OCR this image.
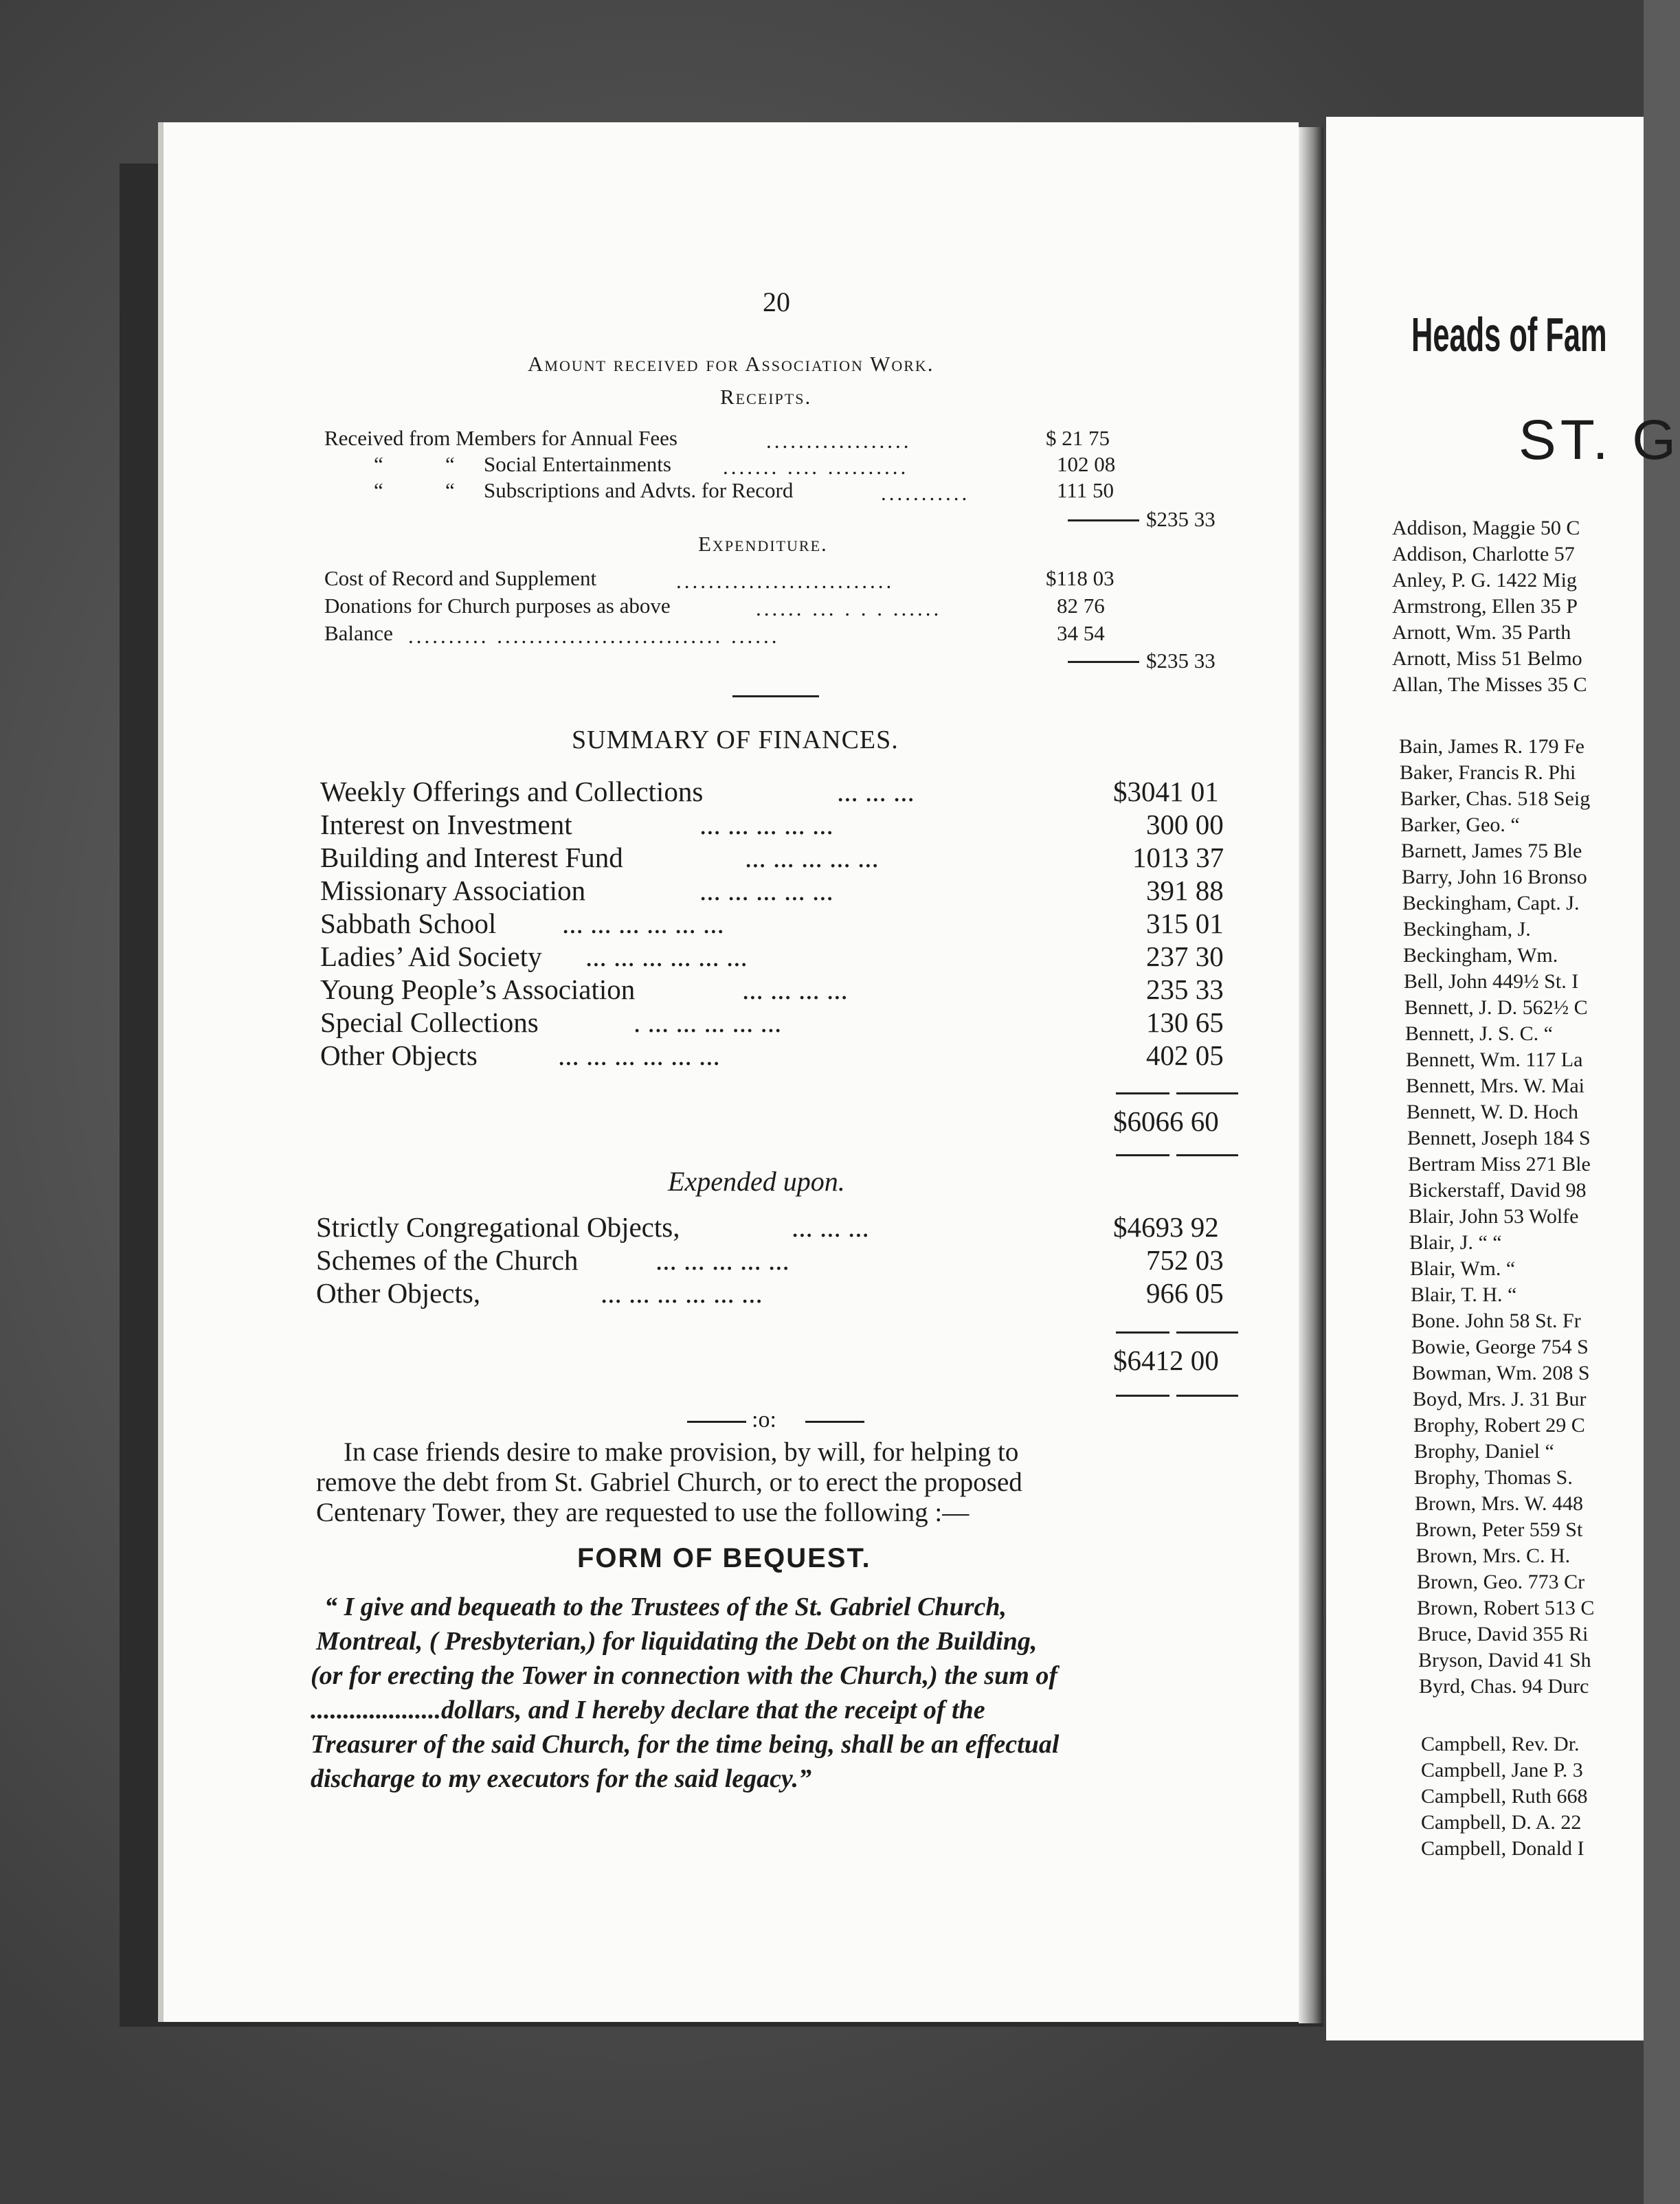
20
Amount received for Association Work.
Receipts.
Received from Members for Annual Fees	..................	$ 21 75
“	“ Social Entertainments ....... .... ..........	102 08
“	“ Subscriptions and Advts. for Record	...........	111 50
$235 33
Expenditure.
Cost of Record and Supplement	...........................	$118 03
Donations for Church purposes as above	...... ... . . . ......	82 76
Balance .......... ............................ ......	34 54
$235 33
SUMMARY OF FINANCES.
Weekly Offerings and Collections	... ... ...	$3041 01
Interest on Investment	... ... ... ... ...	300 00
Building and Interest Fund	... ... ... ... ...	1013 37
Missionary Association	... ... ... ... ...	391 88
Sabbath School ... ... ... ... ... ...	315 01
Ladies’ Aid Society ... ... ... ... ... ...	237 30
Young People’s Association	... ... ... ...	235 33
Special Collections	. ... ... ... ... ...	130 65
Other Objects	... ... ... ... ... ...	402 05
$6066 60
Expended upon.
Strictly Congregational Objects,	... ... ...	$4693 92
Schemes of the Church	... ... ... ... ...	752 03
Other Objects,	... ... ... ... ... ...	966 05
$6412 00
:o:
In case friends desire to make provision, by will, for helping to
remove the debt from St. Gabriel Church, or to erect the proposed
Centenary Tower, they are requested to use the following :—
FORM OF BEQUEST.
“ I give and bequeath to the Trustees of the St. Gabriel Church,
Montreal, ( Presbyterian,) for liquidating the Debt on the Building,
(or for erecting the Tower in connection with the Church,) the sum of
....................dollars, and I hereby declare that the receipt of the
Treasurer of the said Church, for the time being, shall be an effectual
discharge to my executors for the said legacy.”
Heads of Fam
ST. G
Addison, Maggie 50 C
Addison, Charlotte 57
Anley, P. G. 1422 Mig
Armstrong, Ellen 35 P
Arnott, Wm. 35 Parth
Arnott, Miss 51 Belmo
Allan, The Misses 35 C
Bain, James R. 179 Fe
Baker, Francis R. Phi
Barker, Chas. 518 Seig
Barker, Geo. “
Barnett, James 75 Ble
Barry, John 16 Bronso
Beckingham, Capt. J.
Beckingham, J.
Beckingham, Wm.
Bell, John 449½ St. I
Bennett, J. D. 562½ C
Bennett, J. S. C. “
Bennett, Wm. 117 La
Bennett, Mrs. W. Mai
Bennett, W. D. Hoch
Bennett, Joseph 184 S
Bertram Miss 271 Ble
Bickerstaff, David 98
Blair, John 53 Wolfe
Blair, J. “ “
Blair, Wm. “
Blair, T. H. “
Bone. John 58 St. Fr
Bowie, George 754 S
Bowman, Wm. 208 S
Boyd, Mrs. J. 31 Bur
Brophy, Robert 29 C
Brophy, Daniel “
Brophy, Thomas S.
Brown, Mrs. W. 448
Brown, Peter 559 St
Brown, Mrs. C. H.
Brown, Geo. 773 Cr
Brown, Robert 513 C
Bruce, David 355 Ri
Bryson, David 41 Sh
Byrd, Chas. 94 Durc
Campbell, Rev. Dr.
Campbell, Jane P. 3
Campbell, Ruth 668
Campbell, D. A. 22
Campbell, Donald I
